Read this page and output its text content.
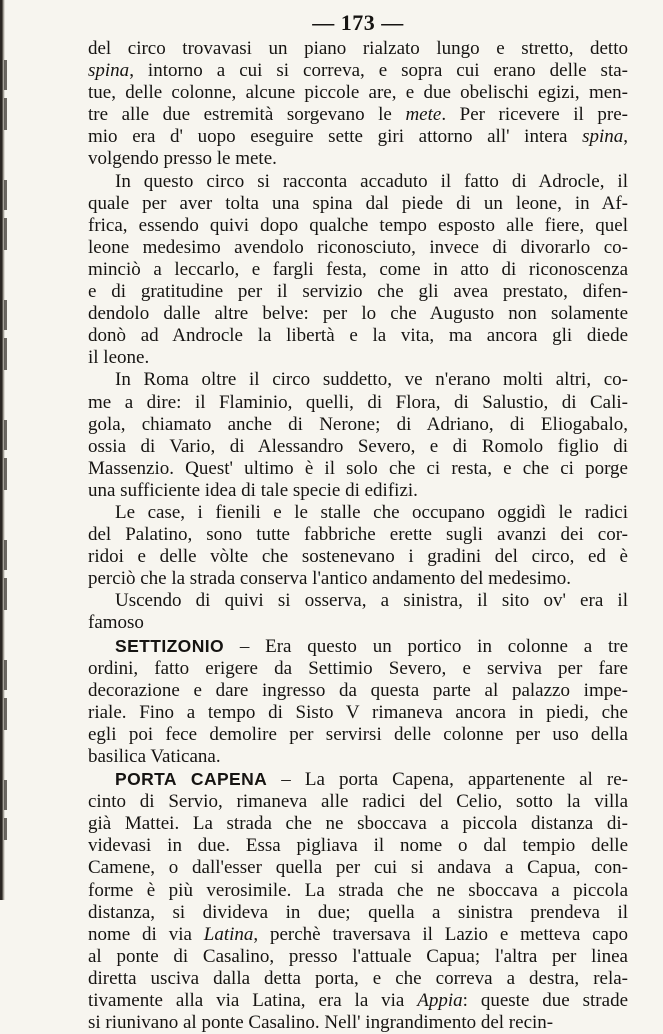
— 173 —
del circo trovavasi un piano rialzato lungo e stretto, detto
spina, intorno a cui si correva, e sopra cui erano delle sta-
tue, delle colonne, alcune piccole are, e due obelischi egizi, men-
tre alle due estremità sorgevano le mete. Per ricevere il pre-
mio era d' uopo eseguire sette giri attorno all' intera spina,
volgendo presso le mete.
In questo circo si racconta accaduto il fatto di Adrocle, il
quale per aver tolta una spina dal piede di un leone, in Af-
frica, essendo quivi dopo qualche tempo esposto alle fiere, quel
leone medesimo avendolo riconosciuto, invece di divorarlo co-
minciò a leccarlo, e fargli festa, come in atto di riconoscenza
e di gratitudine per il servizio che gli avea prestato, difen-
dendolo dalle altre belve: per lo che Augusto non solamente
donò ad Androcle la libertà e la vita, ma ancora gli diede
il leone.
In Roma oltre il circo suddetto, ve n'erano molti altri, co-
me a dire: il Flaminio, quelli, di Flora, di Salustio, di Cali-
gola, chiamato anche di Nerone; di Adriano, di Eliogabalo,
ossia di Vario, di Alessandro Severo, e di Romolo figlio di
Massenzio. Quest' ultimo è il solo che ci resta, e che ci porge
una sufficiente idea di tale specie di edifizi.
Le case, i fienili e le stalle che occupano oggidì le radici
del Palatino, sono tutte fabbriche erette sugli avanzi dei cor-
ridoi e delle vòlte che sostenevano i gradini del circo, ed è
perciò che la strada conserva l'antico andamento del medesimo.
Uscendo di quivi si osserva, a sinistra, il sito ov' era il
famoso
SETTIZONIO – Era questo un portico in colonne a tre
ordini, fatto erigere da Settimio Severo, e serviva per fare
decorazione e dare ingresso da questa parte al palazzo impe-
riale. Fino a tempo di Sisto V rimaneva ancora in piedi, che
egli poi fece demolire per servirsi delle colonne per uso della
basilica Vaticana.
PORTA CAPENA – La porta Capena, appartenente al re-
cinto di Servio, rimaneva alle radici del Celio, sotto la villa
già Mattei. La strada che ne sboccava a piccola distanza di-
videvasi in due. Essa pigliava il nome o dal tempio delle
Camene, o dall'esser quella per cui si andava a Capua, con-
forme è più verosimile. La strada che ne sboccava a piccola
distanza, si divideva in due; quella a sinistra prendeva il
nome di via Latina, perchè traversava il Lazio e metteva capo
al ponte di Casalino, presso l'attuale Capua; l'altra per linea
diretta usciva dalla detta porta, e che correva a destra, rela-
tivamente alla via Latina, era la via Appia: queste due strade
si riunivano al ponte Casalino. Nell' ingrandimento del recin-
